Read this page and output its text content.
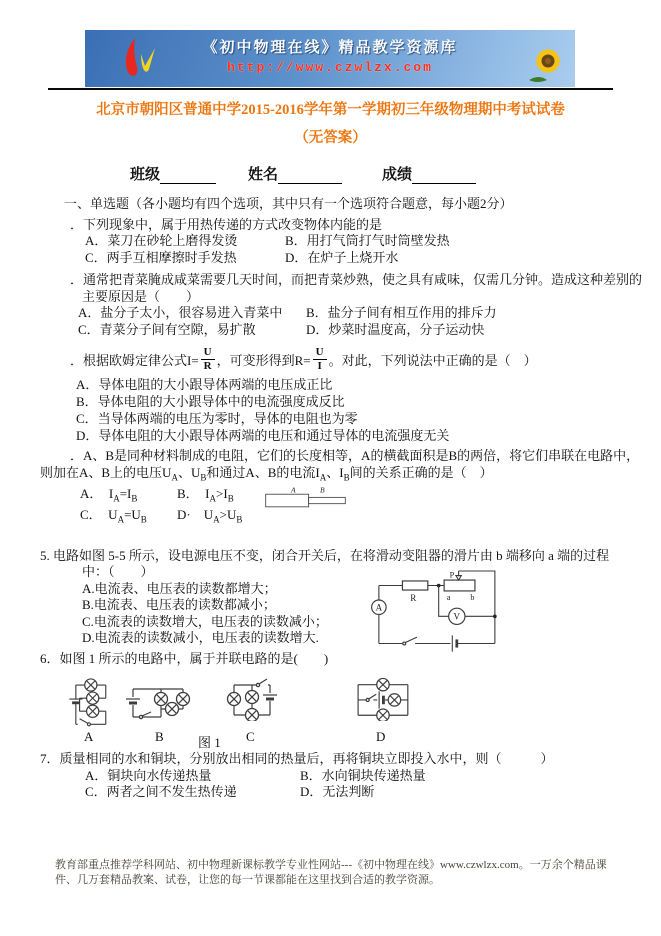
《初中物理在线》精品教学资源库
http://www.czwlzx.com
北京市朝阳区普通中学2015-2016学年第一学期初三年级物理期中考试试卷
（无答案）
班级	姓名	成绩
一、单选题（各小题均有四个选项，其中只有一个选项符合题意，每小题2分）
．下列现象中，属于用热传递的方式改变物体内能的是
A．菜刀在砂轮上磨得发烫	B．用打气筒打气时筒壁发热
C．两手互相摩擦时手发热	D．在炉子上烧开水
．通常把青菜腌成咸菜需要几天时间，而把青菜炒熟，使之具有咸味，仅需几分钟。造成这种差别的
主要原因是（　　）
A．盐分子太小，很容易进入青菜中 B．盐分子间有相互作用的排斥力
C．青菜分子间有空隙，易扩散	D．炒菜时温度高，分子运动快
．根据欧姆定律公式$I= \frac{U}{R}$ ，可变形得到$R= \frac{U}{I}$ 。对此，下列说法中正确的是（　）
A．导体电阻的大小跟导体两端的电压成正比
B．导体电阻的大小跟导体中的电流强度成反比
C．当导体两端的电压为零时，导体的电阻也为零
D．导体电阻的大小跟导体两端的电压和通过导体的电流强度无关
．A、B是同种材料制成的电阻，它们的长度相等，A的横截面积是B的两倍，将它们串联在电路中，
则加在A、B上的电压$U_A$、$U_B$和通过A、B的电流$I_A$、$I_B$间的关系正确的是（　）
A．　$I_A=I_B$	B．　$I_A>I_B$
C．　$U_A=U_B$ D·　$U_A>U_B$
A B
5. 电路如图 5-5 所示，设电源电压不变，闭合开关后，在将滑动变阻器的滑片由 b 端移向 a 端的过程
中：（　　）
A.电流表、电压表的读数都增大；
B.电流表、电压表的读数都减小；
C.电流表的读数增大，电压表的读数减小；
D.电流表的读数减小，电压表的读数增大.
A
R	a b
P
V
6．如图 1 所示的电路中，属于并联电路的是(　　)
A	B	图 1 C	D
7．质量相同的水和铜块，分别放出相同的热量后，再将铜块立即投入水中，则（　　　）
A．铜块向水传递热量	B．水向铜块传递热量
C．两者之间不发生热传递	D．无法判断
教育部重点推荐学科网站、初中物理新课标教学专业性网站---《初中物理在线》www.czwlzx.com。一万余个精品课件、几万套精品教案、试卷，让您的每一节课都能在这里找到合适的教学资源。
